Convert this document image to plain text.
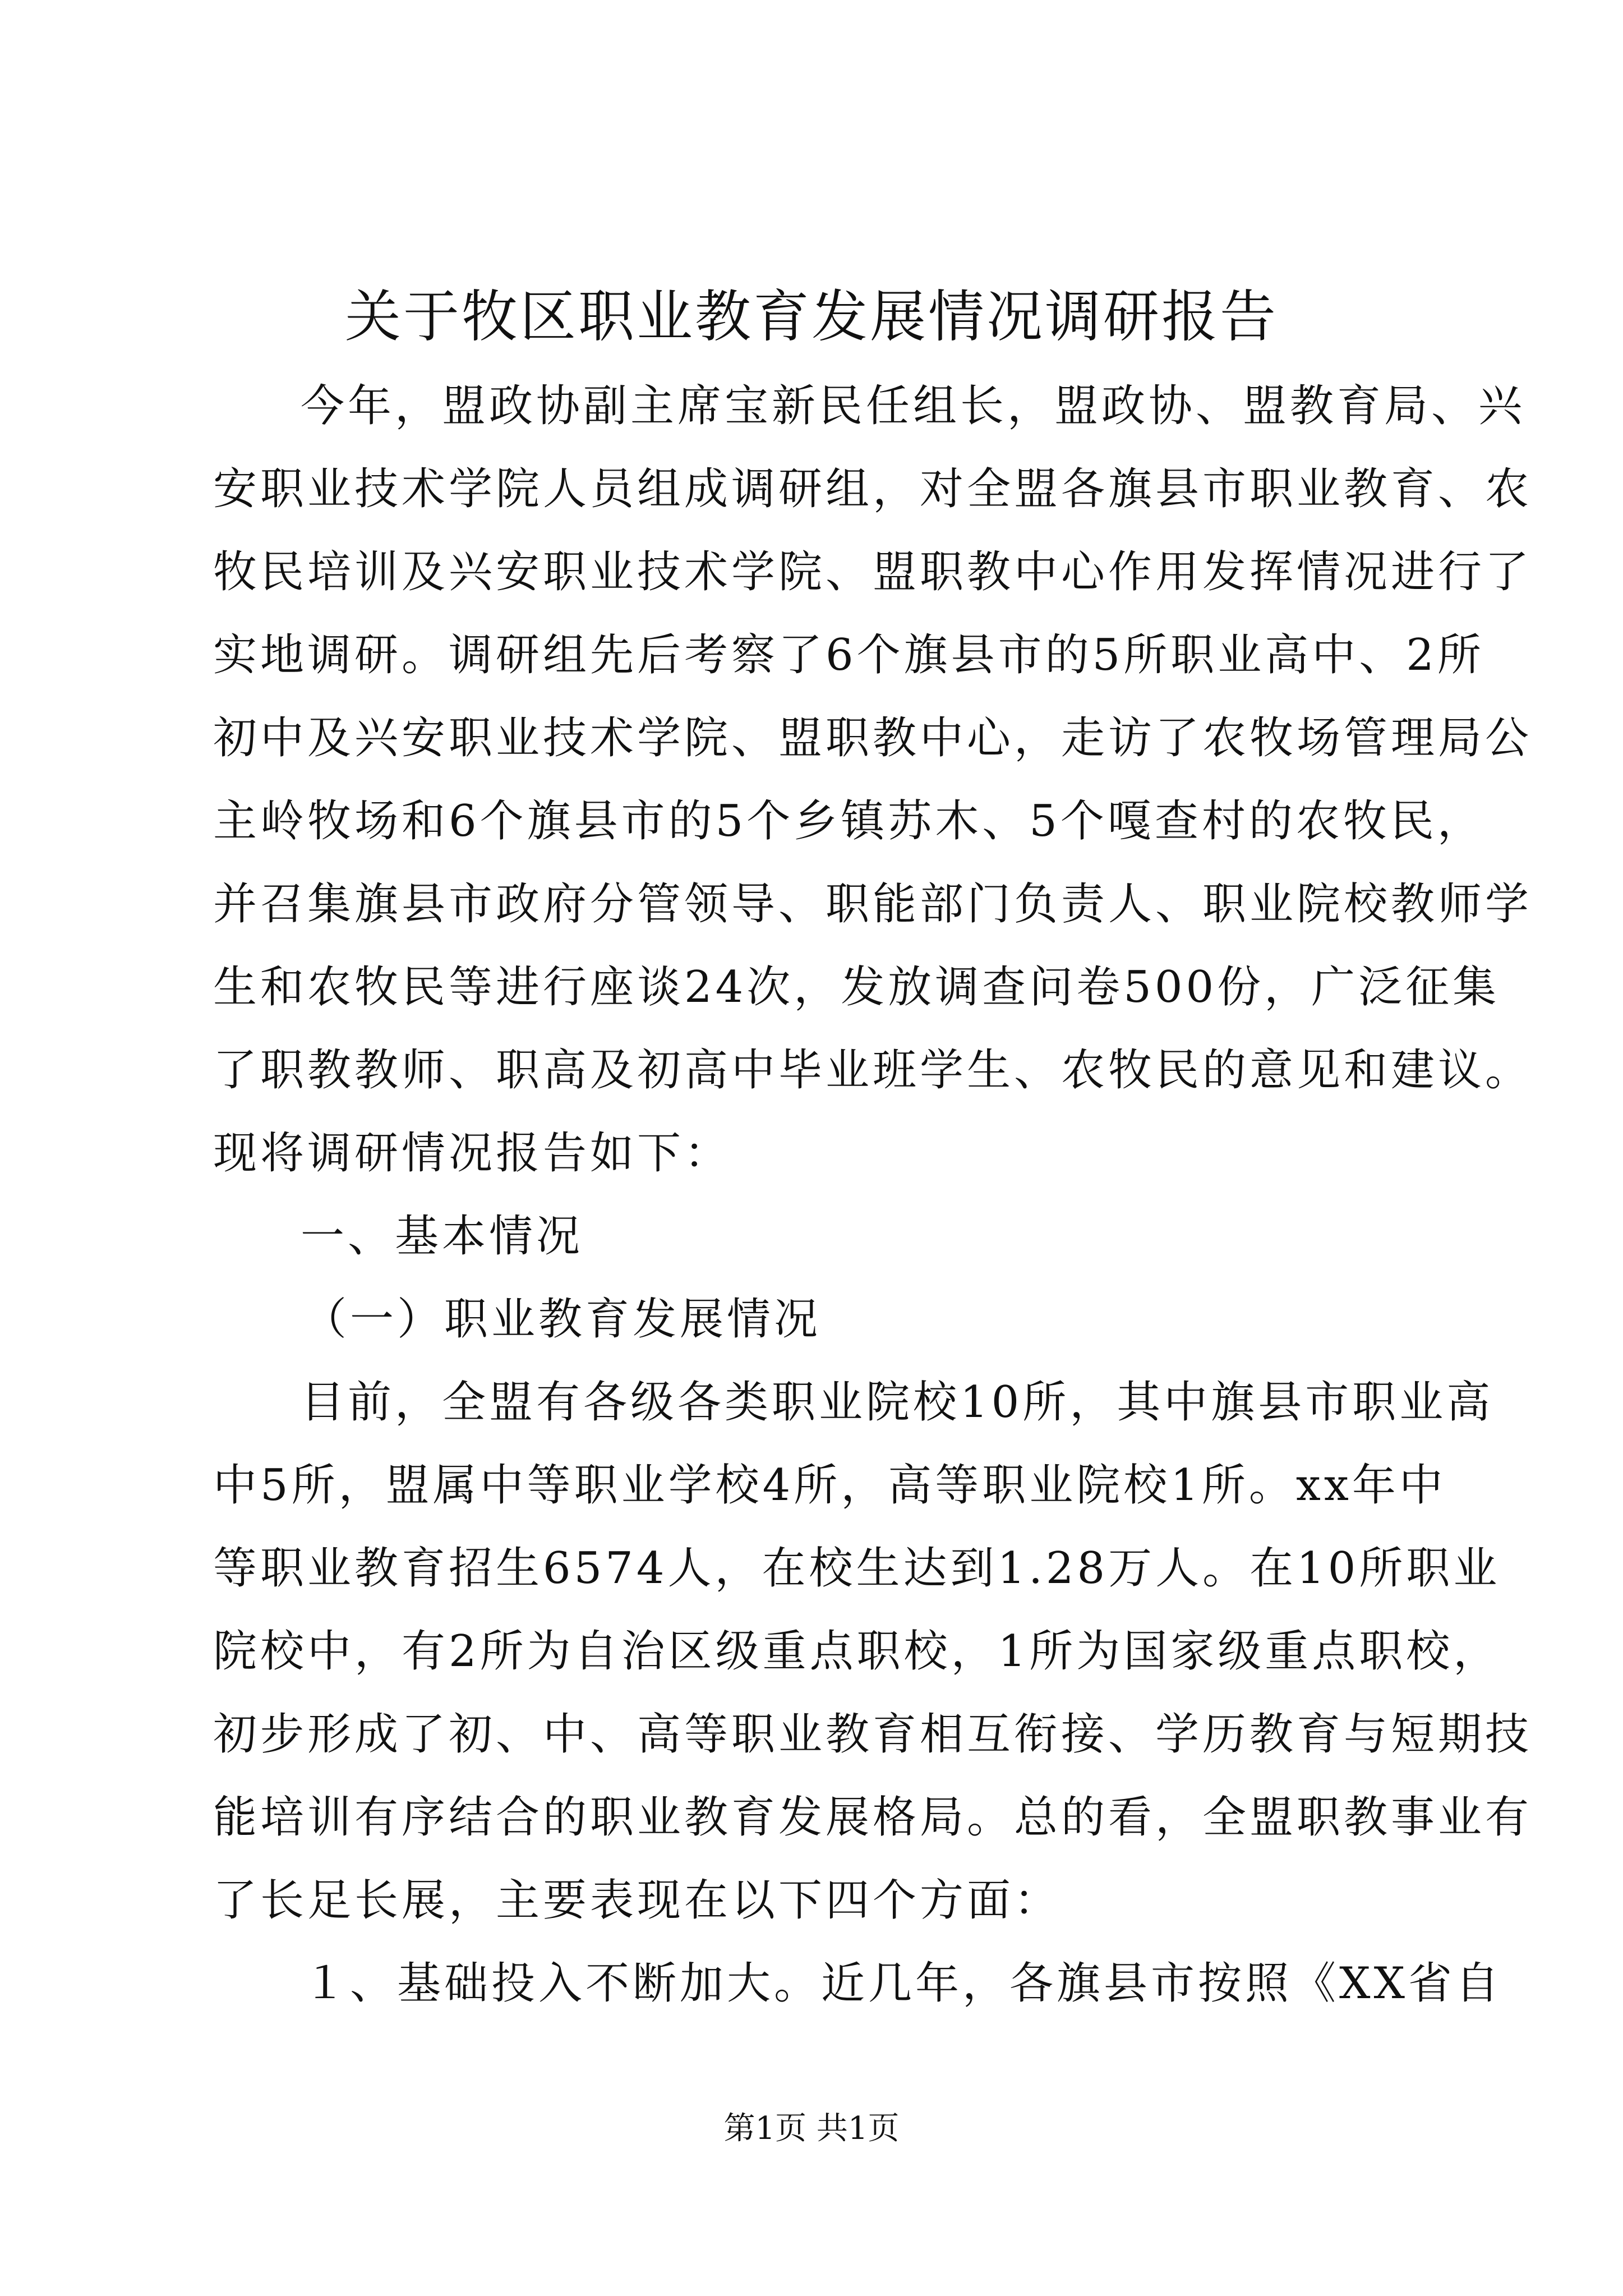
关于牧区职业教育发展情况调研报告
今年，盟政协副主席宝新民任组长，盟政协、盟教育局、兴
安职业技术学院人员组成调研组，对全盟各旗县市职业教育、农
牧民培训及兴安职业技术学院、盟职教中心作用发挥情况进行了
实地调研。调研组先后考察了6个旗县市的5所职业高中、2所
初中及兴安职业技术学院、盟职教中心，走访了农牧场管理局公
主岭牧场和6个旗县市的5个乡镇苏木、5个嘎查村的农牧民，
并召集旗县市政府分管领导、职能部门负责人、职业院校教师学
生和农牧民等进行座谈24次，发放调查问卷500份，广泛征集
了职教教师、职高及初高中毕业班学生、农牧民的意见和建议。
现将调研情况报告如下：
一、基本情况
（一）职业教育发展情况
目前，全盟有各级各类职业院校10所，其中旗县市职业高
中5所，盟属中等职业学校4所，高等职业院校1所。xx年中
等职业教育招生6574人，在校生达到1.28万人。在10所职业
院校中，有2所为自治区级重点职校，1所为国家级重点职校，
初步形成了初、中、高等职业教育相互衔接、学历教育与短期技
能培训有序结合的职业教育发展格局。总的看，全盟职教事业有
了长足长展，主要表现在以下四个方面：
１、基础投入不断加大。近几年，各旗县市按照《XX省自
第1页 共1页
